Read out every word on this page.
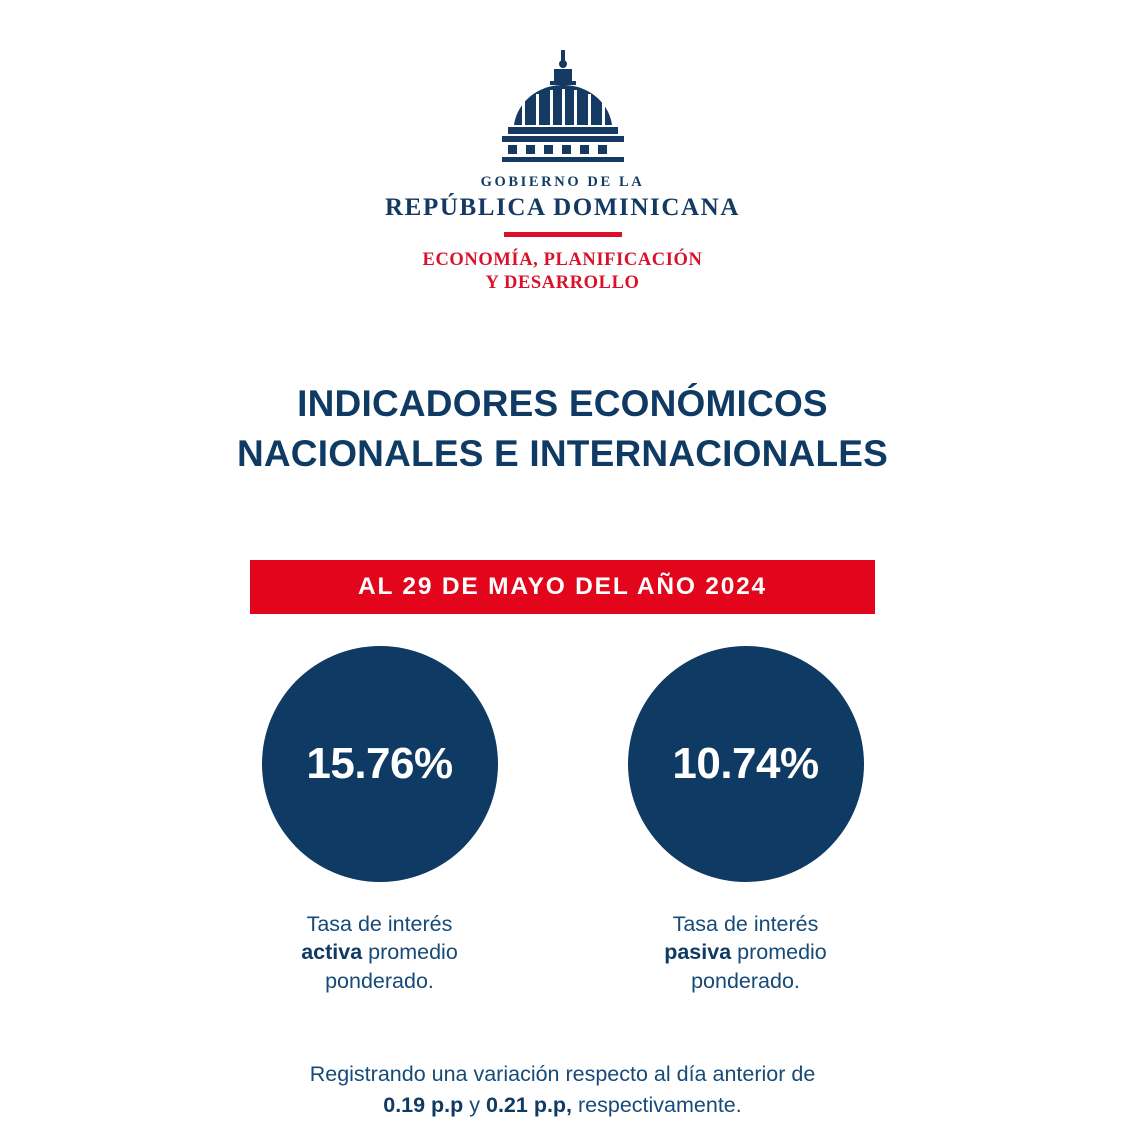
GOBIERNO DE LA
REPÚBLICA DOMINICANA
ECONOMÍA, PLANIFICACIÓN
Y DESARROLLO
INDICADORES ECONÓMICOS
NACIONALES E INTERNACIONALES
AL 29 DE MAYO DEL AÑO 2024
15.76%
Tasa de interés
activa promedio
ponderado.
10.74%
Tasa de interés
pasiva promedio
ponderado.
Registrando una variación respecto al día anterior de
0.19 p.p y 0.21 p.p, respectivamente.
